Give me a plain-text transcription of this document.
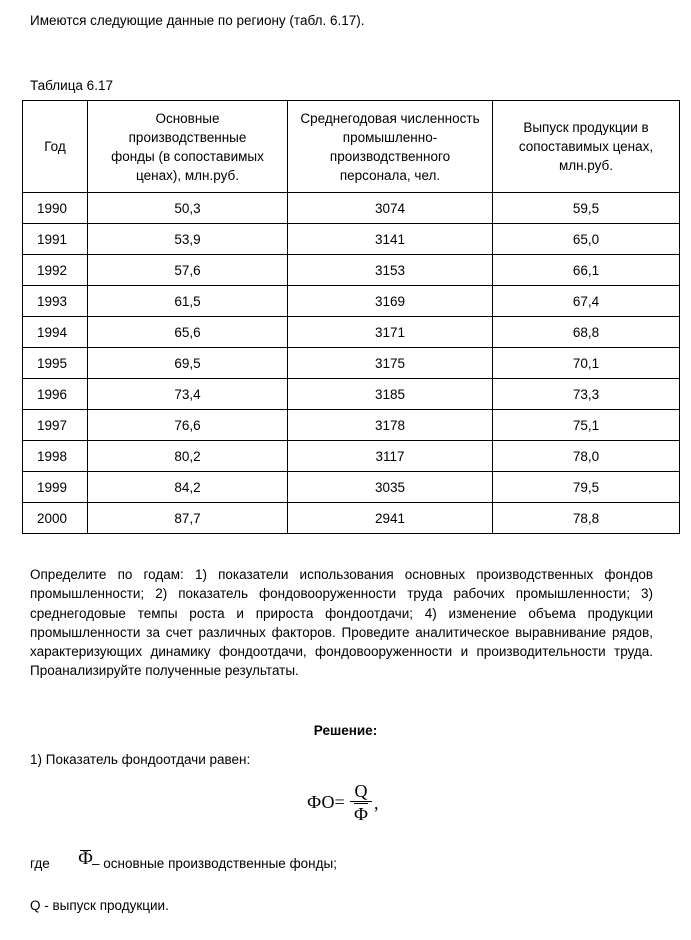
Имеются следующие данные по региону (табл. 6.17).

Таблица 6.17

Год	Основные производственные фонды (в сопоставимых ценах), млн.руб.	Среднегодовая численность промышленно-производственного персонала, чел.	Выпуск продукции в сопоставимых ценах, млн.руб.
1990	50,3	3074	59,5
1991	53,9	3141	65,0
1992	57,6	3153	66,1
1993	61,5	3169	67,4
1994	65,6	3171	68,8
1995	69,5	3175	70,1
1996	73,4	3185	73,3
1997	76,6	3178	75,1
1998	80,2	3117	78,0
1999	84,2	3035	79,5
2000	87,7	2941	78,8

Определите по годам: 1) показатели использования основных производственных фондов промышленности; 2) показатель фондовооруженности труда рабочих промышленности; 3) среднегодовые темпы роста и прироста фондоотдачи; 4) изменение объема продукции промышленности за счет различных факторов. Проведите аналитическое выравнивание рядов, характеризующих динамику фондоотдачи, фондовооруженности и производительности труда. Проанализируйте полученные результаты.

Решение:

1) Показатель фондоотдачи равен:

ФО=
Q
Ф
,

где Ф

– основные производственные фонды;

Q - выпуск продукции.
